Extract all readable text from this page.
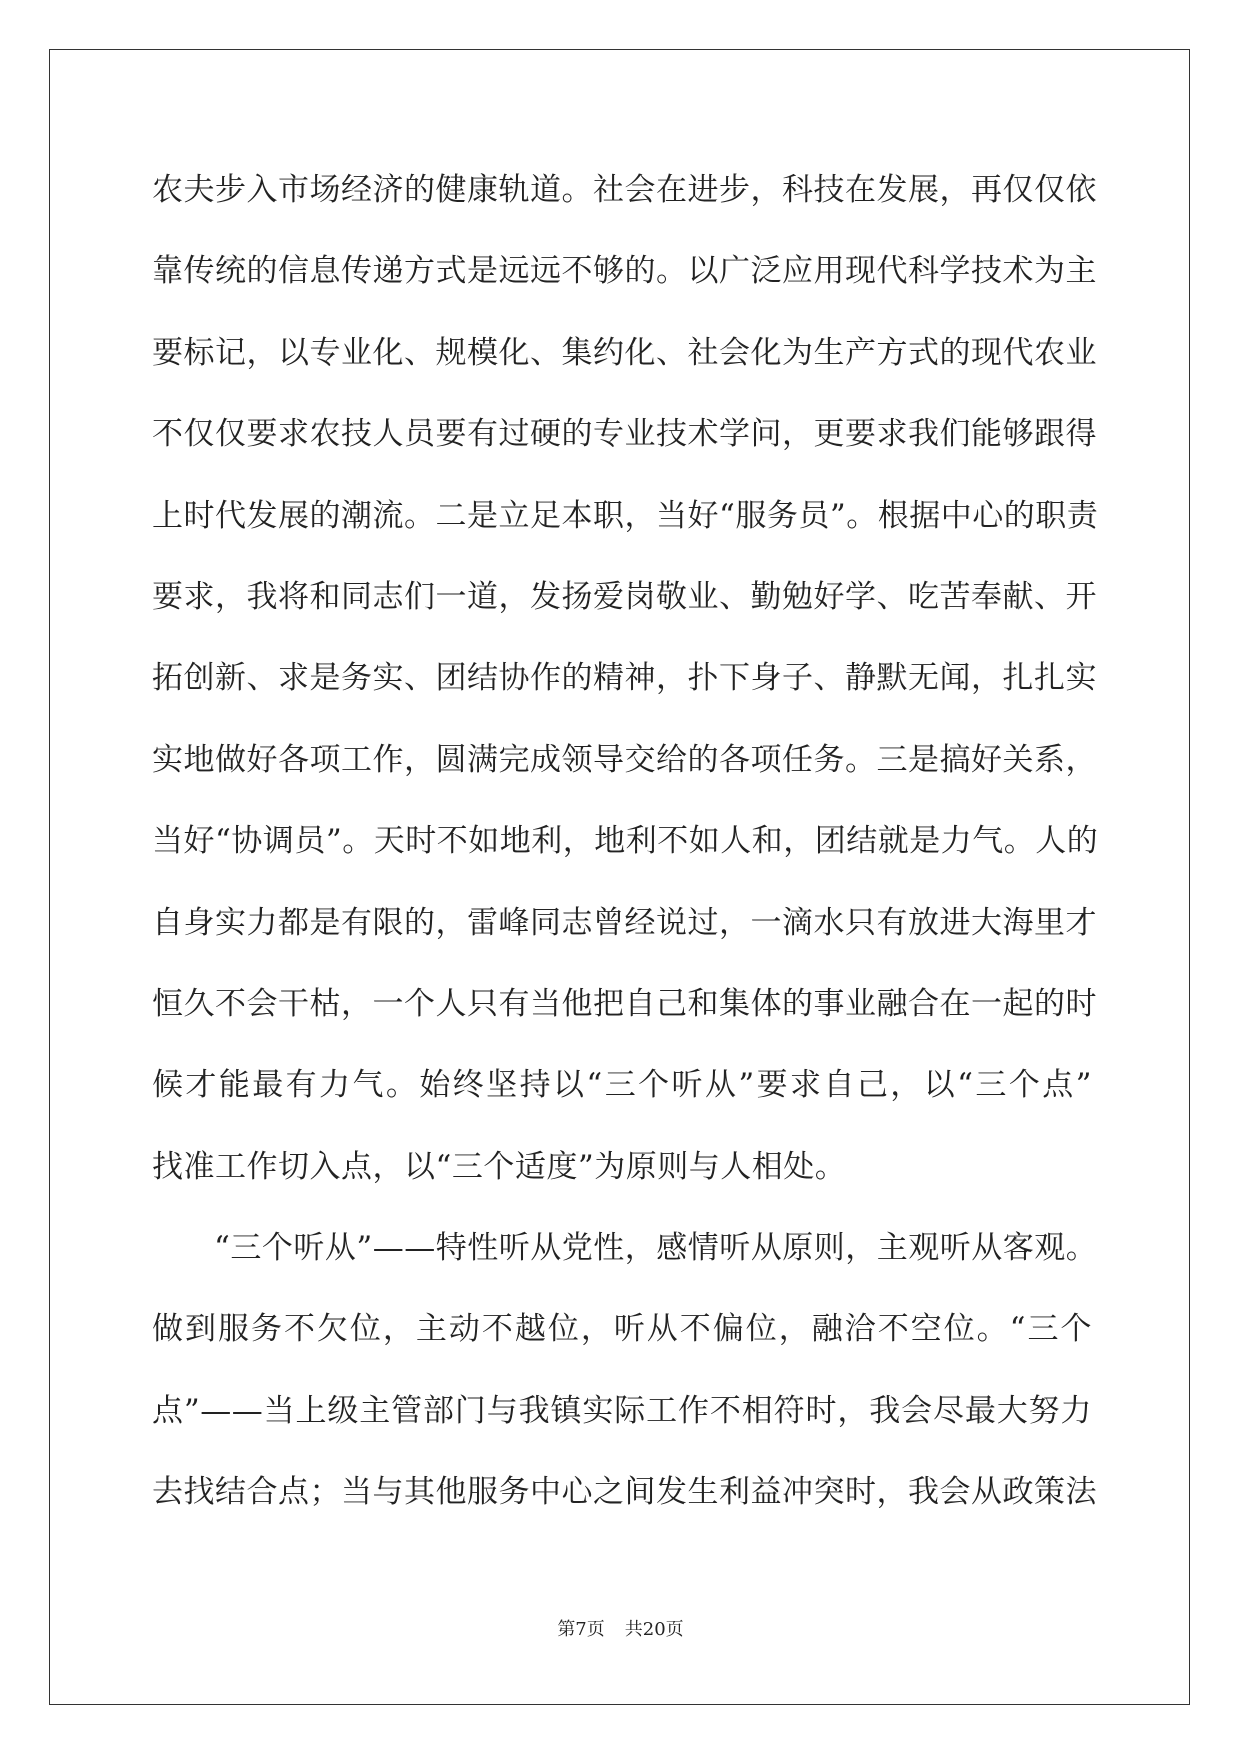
农夫步入市场经济的健康轨道。社会在进步，科技在发展，再仅仅依
靠传统的信息传递方式是远远不够的。以广泛应用现代科学技术为主
要标记，以专业化、规模化、集约化、社会化为生产方式的现代农业
不仅仅要求农技人员要有过硬的专业技术学问，更要求我们能够跟得
上时代发展的潮流。二是立足本职，当好“服务员”。根据中心的职责
要求，我将和同志们一道，发扬爱岗敬业、勤勉好学、吃苦奉献、开
拓创新、求是务实、团结协作的精神，扑下身子、静默无闻，扎扎实
实地做好各项工作，圆满完成领导交给的各项任务。三是搞好关系，
当好“协调员”。天时不如地利，地利不如人和，团结就是力气。人的
自身实力都是有限的，雷峰同志曾经说过，一滴水只有放进大海里才
恒久不会干枯，一个人只有当他把自己和集体的事业融合在一起的时
候才能最有力气。始终坚持以“三个听从”要求自己，以“三个点”
找准工作切入点，以“三个适度”为原则与人相处。
“三个听从”——特性听从党性，感情听从原则，主观听从客观。
做到服务不欠位，主动不越位，听从不偏位，融洽不空位。“三个
点”——当上级主管部门与我镇实际工作不相符时，我会尽最大努力
去找结合点；当与其他服务中心之间发生利益冲突时，我会从政策法
第7页 共20页
